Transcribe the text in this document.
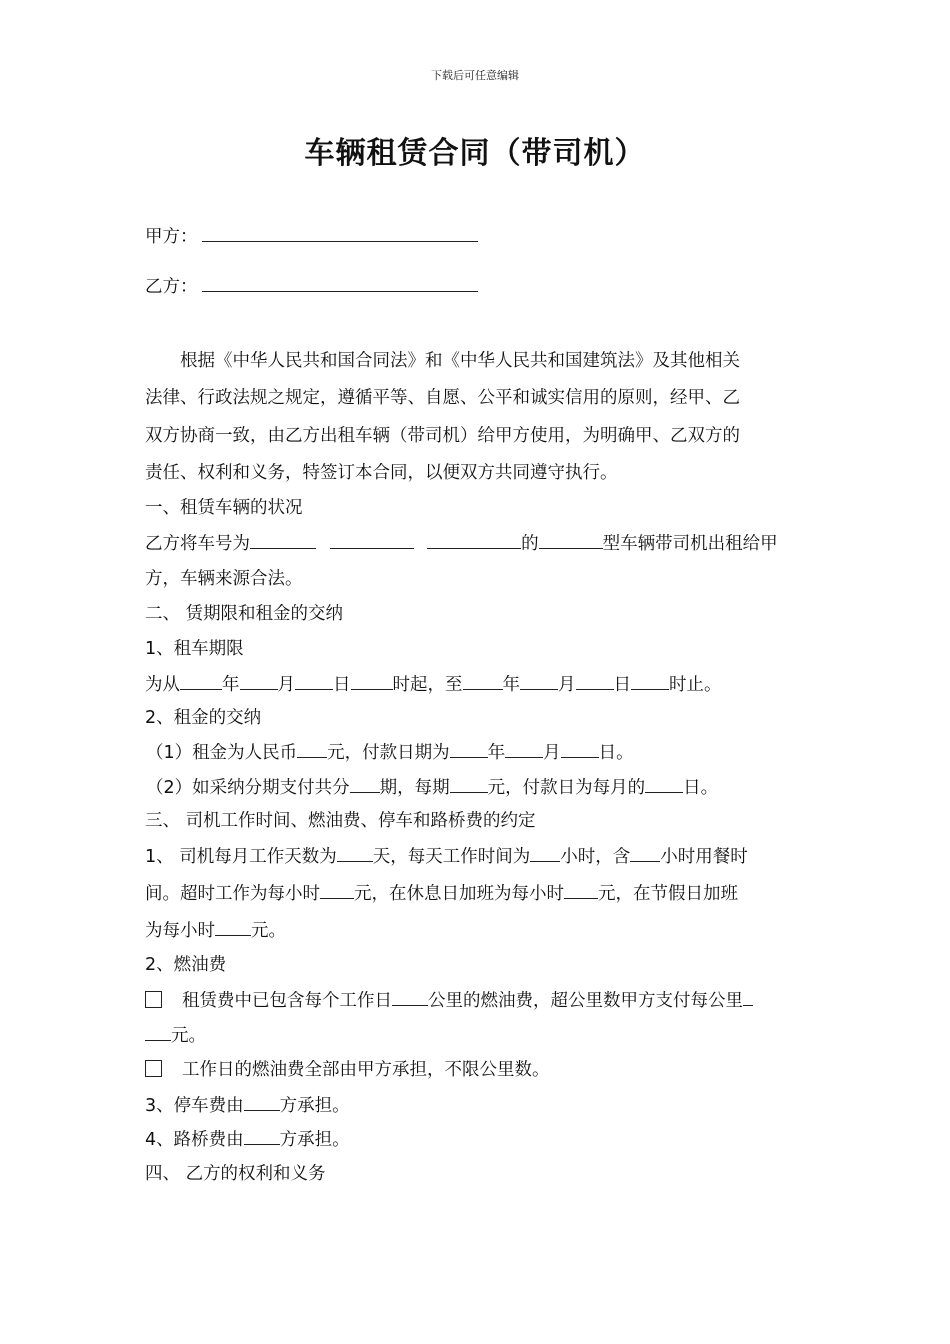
下载后可任意编辑
车辆租赁合同（带司机）
甲方：
乙方：
根据《中华人民共和国合同法》和《中华人民共和国建筑法》及其他相关
法律、行政法规之规定，遵循平等、自愿、公平和诚实信用的原则，经甲、乙
双方协商一致，由乙方出租车辆（带司机）给甲方使用，为明确甲、乙双方的
责任、权利和义务，特签订本合同，以便双方共同遵守执行。
一、租赁车辆的状况
乙方将车号为	的	型车辆带司机出租给甲
方，车辆来源合法。
二、 赁期限和租金的交纳
1、租车期限
为从 年 月 日 时起，至 年 月 日 时止。
2、租金的交纳
（1）租金为人民币 元，付款日期为 年 月 日。
（2）如采纳分期支付共分 期，每期 元，付款日为每月的 日。
三、 司机工作时间、燃油费、停车和路桥费的约定
1、 司机每月工作天数为 天，每天工作时间为 小时，含 小时用餐时
间。超时工作为每小时 元，在休息日加班为每小时 元，在节假日加班
为每小时 元。
2、燃油费
租赁费中已包含每个工作日 公里的燃油费，超公里数甲方支付每公里
元。
工作日的燃油费全部由甲方承担，不限公里数。
3、停车费由 方承担。
4、路桥费由 方承担。
四、 乙方的权利和义务
